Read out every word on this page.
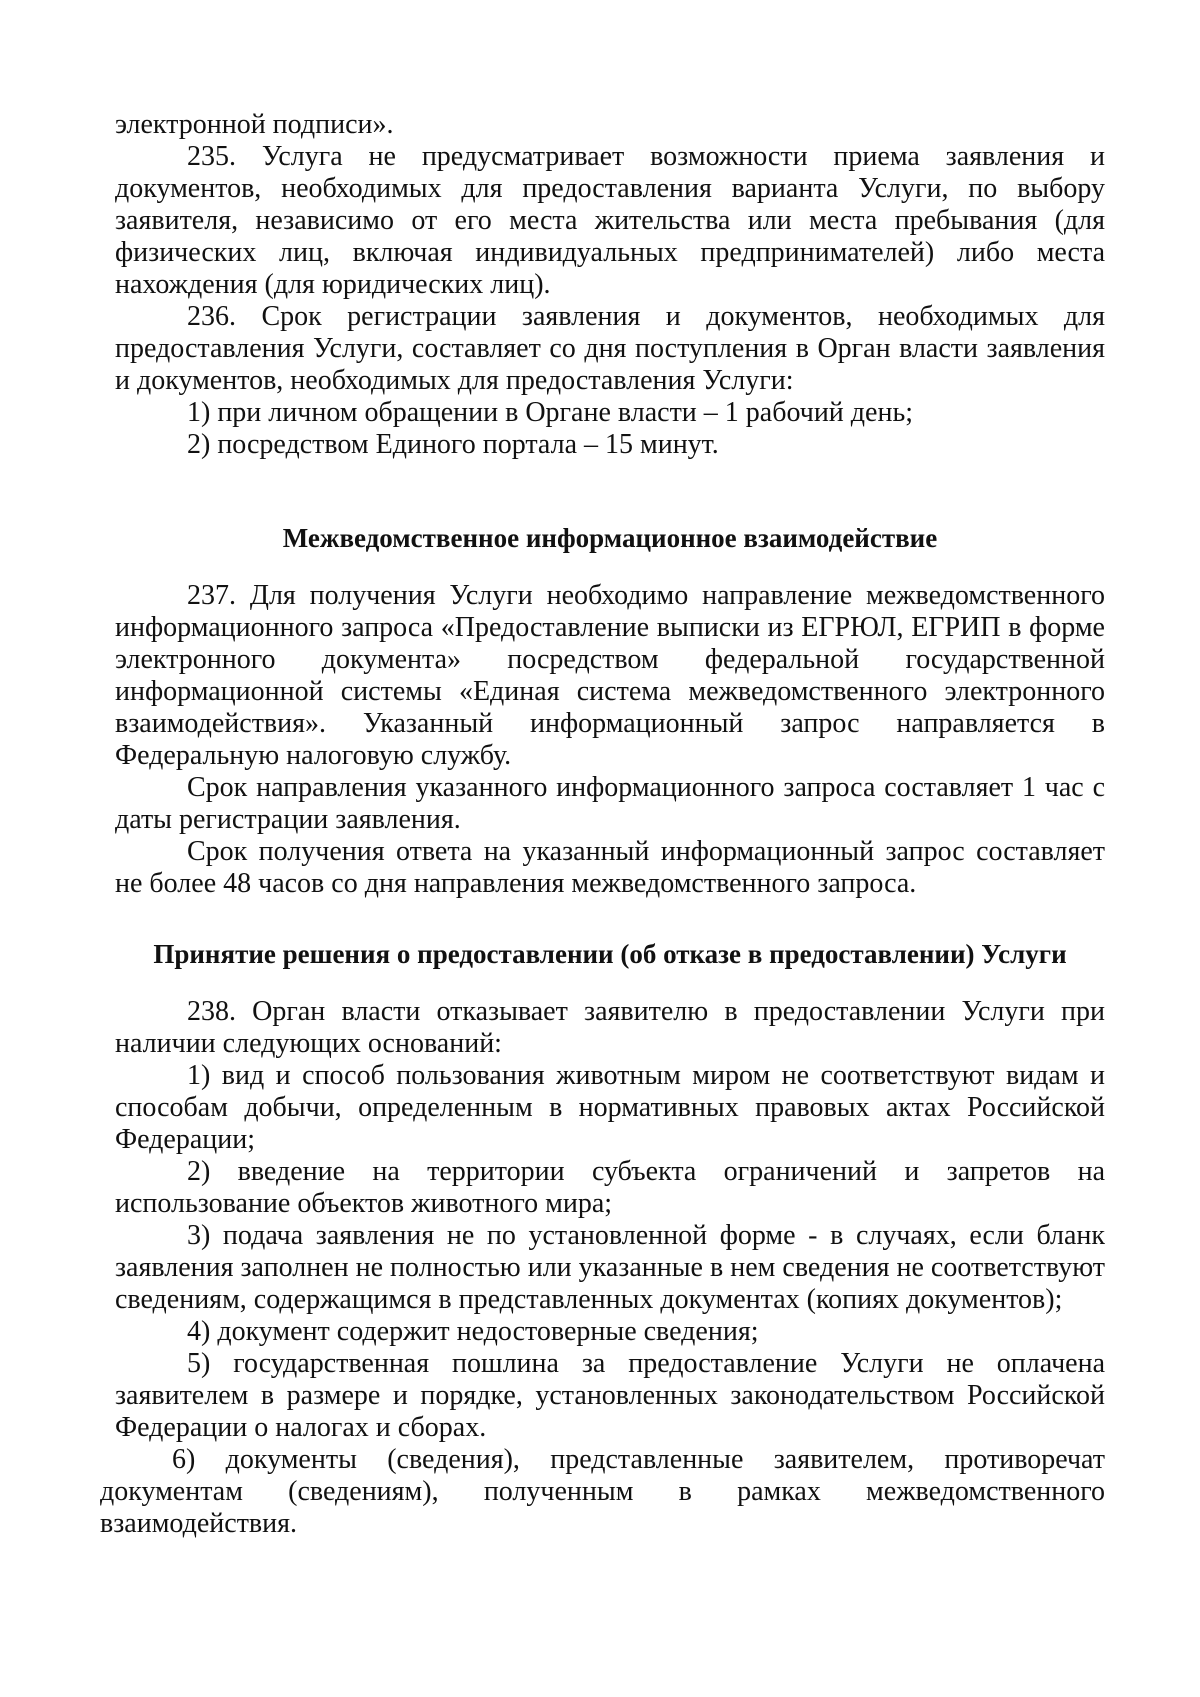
электронной подписи».

235. Услуга не предусматривает возможности приема заявления и документов, необходимых для предоставления варианта Услуги, по выбору заявителя, независимо от его места жительства или места пребывания (для физических лиц, включая индивидуальных предпринимателей) либо места нахождения (для юридических лиц).

236. Срок регистрации заявления и документов, необходимых для предоставления Услуги, составляет со дня поступления в Орган власти заявления и документов, необходимых для предоставления Услуги:

1) при личном обращении в Органе власти – 1 рабочий день;

2) посредством Единого портала – 15 минут.

Межведомственное информационное взаимодействие

237. Для получения Услуги необходимо направление межведомственного информационного запроса «Предоставление выписки из ЕГРЮЛ, ЕГРИП в форме электронного документа» посредством федеральной государственной информационной системы «Единая система межведомственного электронного взаимодействия». Указанный информационный запрос направляется в Федеральную налоговую службу.

Срок направления указанного информационного запроса составляет 1 час с даты регистрации заявления.

Срок получения ответа на указанный информационный запрос составляет не более 48 часов со дня направления межведомственного запроса.

Принятие решения о предоставлении (об отказе в предоставлении) Услуги

238. Орган власти отказывает заявителю в предоставлении Услуги при наличии следующих оснований:

1) вид и способ пользования животным миром не соответствуют видам и способам добычи, определенным в нормативных правовых актах Российской Федерации;

2) введение на территории субъекта ограничений и запретов на использование объектов животного мира;

3) подача заявления не по установленной форме - в случаях, если бланк заявления заполнен не полностью или указанные в нем сведения не соответствуют сведениям, содержащимся в представленных документах (копиях документов);

4) документ содержит недостоверные сведения;

5) государственная пошлина за предоставление Услуги не оплачена заявителем в размере и порядке, установленных законодательством Российской Федерации о налогах и сборах.

6) документы (сведения), представленные заявителем, противоречат документам (сведениям), полученным в рамках межведомственного взаимодействия.
